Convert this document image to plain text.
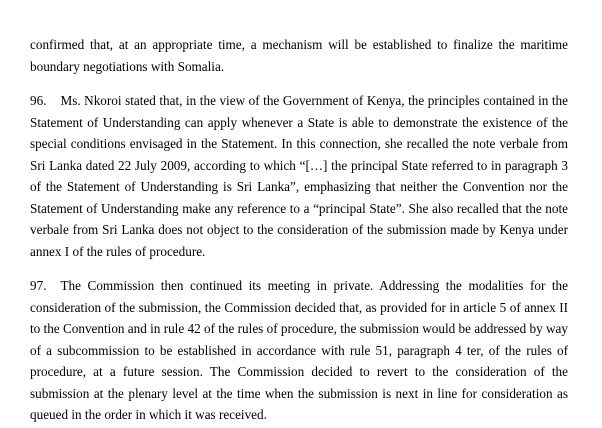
confirmed that, at an appropriate time, a mechanism will be established to finalize the maritime boundary negotiations with Somalia.

96. Ms. Nkoroi stated that, in the view of the Government of Kenya, the principles contained in the Statement of Understanding can apply whenever a State is able to demonstrate the existence of the special conditions envisaged in the Statement. In this connection, she recalled the note verbale from Sri Lanka dated 22 July 2009, according to which “[…] the principal State referred to in paragraph 3 of the Statement of Understanding is Sri Lanka”, emphasizing that neither the Convention nor the Statement of Understanding make any reference to a “principal State”. She also recalled that the note verbale from Sri Lanka does not object to the consideration of the submission made by Kenya under annex I of the rules of procedure.

97. The Commission then continued its meeting in private. Addressing the modalities for the consideration of the submission, the Commission decided that, as provided for in article 5 of annex II to the Convention and in rule 42 of the rules of procedure, the submission would be addressed by way of a subcommission to be established in accordance with rule 51, paragraph 4 ter, of the rules of procedure, at a future session. The Commission decided to revert to the consideration of the submission at the plenary level at the time when the submission is next in line for consideration as queued in the order in which it was received.
